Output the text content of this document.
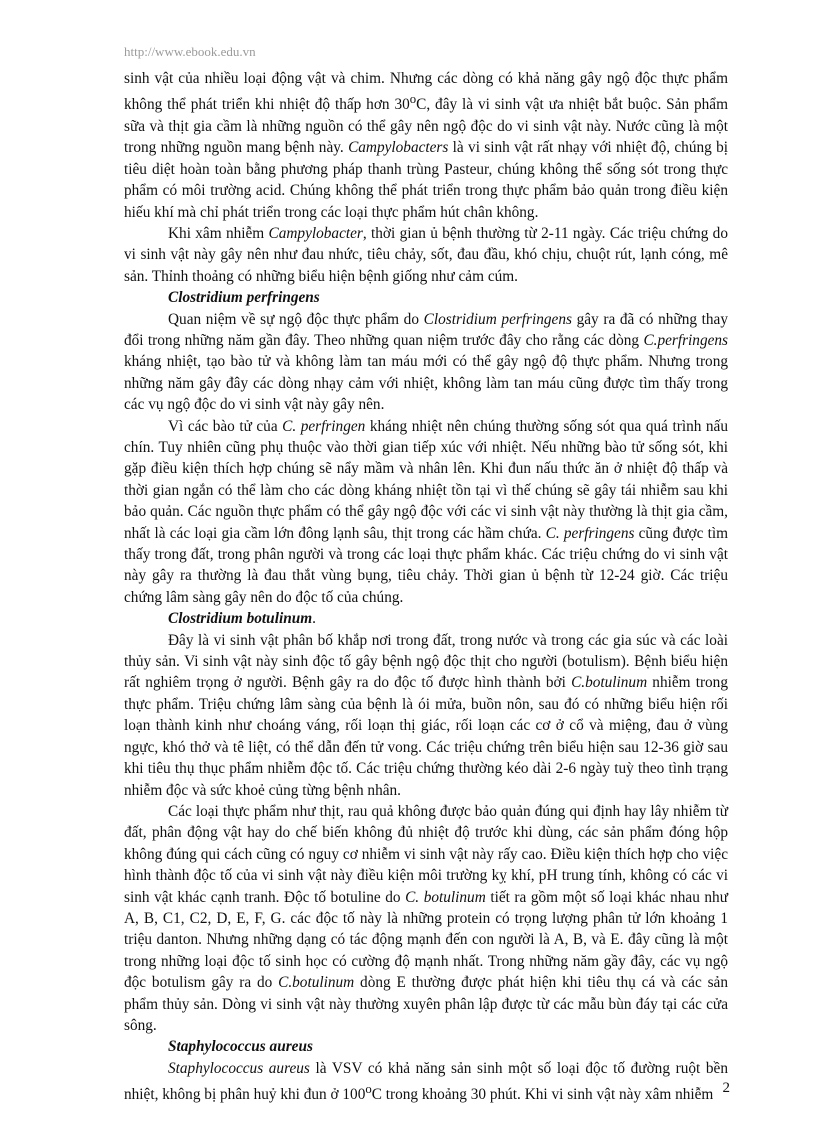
http://www.ebook.edu.vn

sinh vật của nhiều loại động vật và chim. Nhưng các dòng có khả năng gây ngộ độc thực phẩm không thể phát triển khi nhiệt độ thấp hơn 30$^o$C, đây là vi sinh vật ưa nhiệt bắt buộc. Sản phẩm sữa và thịt gia cầm là những nguồn có thể gây nên ngộ độc do vi sinh vật này. Nước cũng là một trong những nguồn mang bệnh này. Campylobacters là vi sinh vật rất nhạy với nhiệt độ, chúng bị tiêu diệt hoàn toàn bằng phương pháp thanh trùng Pasteur, chúng không thể sống sót trong thực phẩm có môi trường acid. Chúng không thể phát triển trong thực phẩm bảo quản trong điều kiện hiếu khí mà chỉ phát triển trong các loại thực phẩm hút chân không.

Khi xâm nhiễm Campylobacter, thời gian ủ bệnh thường từ 2-11 ngày. Các triệu chứng do vi sinh vật này gây nên như đau nhức, tiêu chảy, sốt, đau đầu, khó chịu, chuột rút, lạnh cóng, mê sản. Thỉnh thoảng có những biểu hiện bệnh giống như cảm cúm.

Clostridium perfringens

Quan niệm về sự ngộ độc thực phẩm do Clostridium perfringens gây ra đã có những thay đổi trong những năm gần đây. Theo những quan niệm trước đây cho rằng các dòng C.perfringens kháng nhiệt, tạo bào tử và không làm tan máu mới có thể gây ngộ độ thực phẩm. Nhưng trong những năm gây đây các dòng nhạy cảm với nhiệt, không làm tan máu cũng được tìm thấy trong các vụ ngộ độc do vi sinh vật này gây nên.

Vì các bào tử của C. perfringen kháng nhiệt nên chúng thường sống sót qua quá trình nấu chín. Tuy nhiên cũng phụ thuộc vào thời gian tiếp xúc với nhiệt. Nếu những bào tử sống sót, khi gặp điều kiện thích hợp chúng sẽ nẩy mầm và nhân lên. Khi đun nấu thức ăn ở nhiệt độ thấp và thời gian ngắn có thể làm cho các dòng kháng nhiệt tồn tại vì thế chúng sẽ gây tái nhiễm sau khi bảo quản. Các nguồn thực phẩm có thể gây ngộ độc với các vi sinh vật này thường là thịt gia cầm, nhất là các loại gia cầm lớn đông lạnh sâu, thịt trong các hầm chứa. C. perfringens cũng được tìm thấy trong đất, trong phân người và trong các loại thực phẩm khác. Các triệu chứng do vi sinh vật này gây ra thường là đau thắt vùng bụng, tiêu chảy. Thời gian ủ bệnh từ 12-24 giờ. Các triệu chứng lâm sàng gây nên do độc tố của chúng.

Clostridium botulinum.

Đây là vi sinh vật phân bố khắp nơi trong đất, trong nước và trong các gia súc và các loài thủy sản. Vi sinh vật này sinh độc tố gây bệnh ngộ độc thịt cho người (botulism). Bệnh biểu hiện rất nghiêm trọng ở người. Bệnh gây ra do độc tố được hình thành bởi C.botulinum nhiễm trong thực phẩm. Triệu chứng lâm sàng của bệnh là ói mửa, buồn nôn, sau đó có những biểu hiện rối loạn thành kinh như choáng váng, rối loạn thị giác, rối loạn các cơ ở cổ và miệng, đau ở vùng ngực, khó thở và tê liệt, có thể dẫn đến tử vong. Các triệu chứng trên biểu hiện sau 12-36 giờ sau khi tiêu thụ thục phẩm nhiễm độc tố. Các triệu chứng thường kéo dài 2-6 ngày tuỳ theo tình trạng nhiễm độc và sức khoẻ củng từng bệnh nhân.

Các loại thực phẩm như thịt, rau quả không được bảo quản đúng qui định hay lây nhiễm từ đất, phân động vật hay do chế biến không đủ nhiệt độ trước khi dùng, các sản phẩm đóng hộp không đúng qui cách cũng có nguy cơ nhiễm vi sinh vật này rấy cao. Điều kiện thích hợp cho việc hình thành độc tố của vi sinh vật này điều kiện môi trường kỵ khí, pH trung tính, không có các vi sinh vật khác cạnh tranh. Độc tố botuline do C. botulinum tiết ra gồm một số loại khác nhau như A, B, C1, C2, D, E, F, G. các độc tố này là những protein có trọng lượng phân tử lớn khoảng 1 triệu danton. Nhưng những dạng có tác động mạnh đến con người là A, B, và E. đây cũng là một trong những loại độc tố sinh học có cường độ mạnh nhất. Trong những năm gầy đây, các vụ ngộ độc botulism gây ra do C.botulinum dòng E thường được phát hiện khi tiêu thụ cá và các sản phẩm thủy sản. Dòng vi sinh vật này thường xuyên phân lập được từ các mẫu bùn đáy tại các cửa sông.

Staphylococcus aureus

Staphylococcus aureus là VSV có khả năng sản sinh một số loại độc tố đường ruột bền nhiệt, không bị phân huỷ khi đun ở 100$^o$C trong khoảng 30 phút. Khi vi sinh vật này xâm nhiễm 2
